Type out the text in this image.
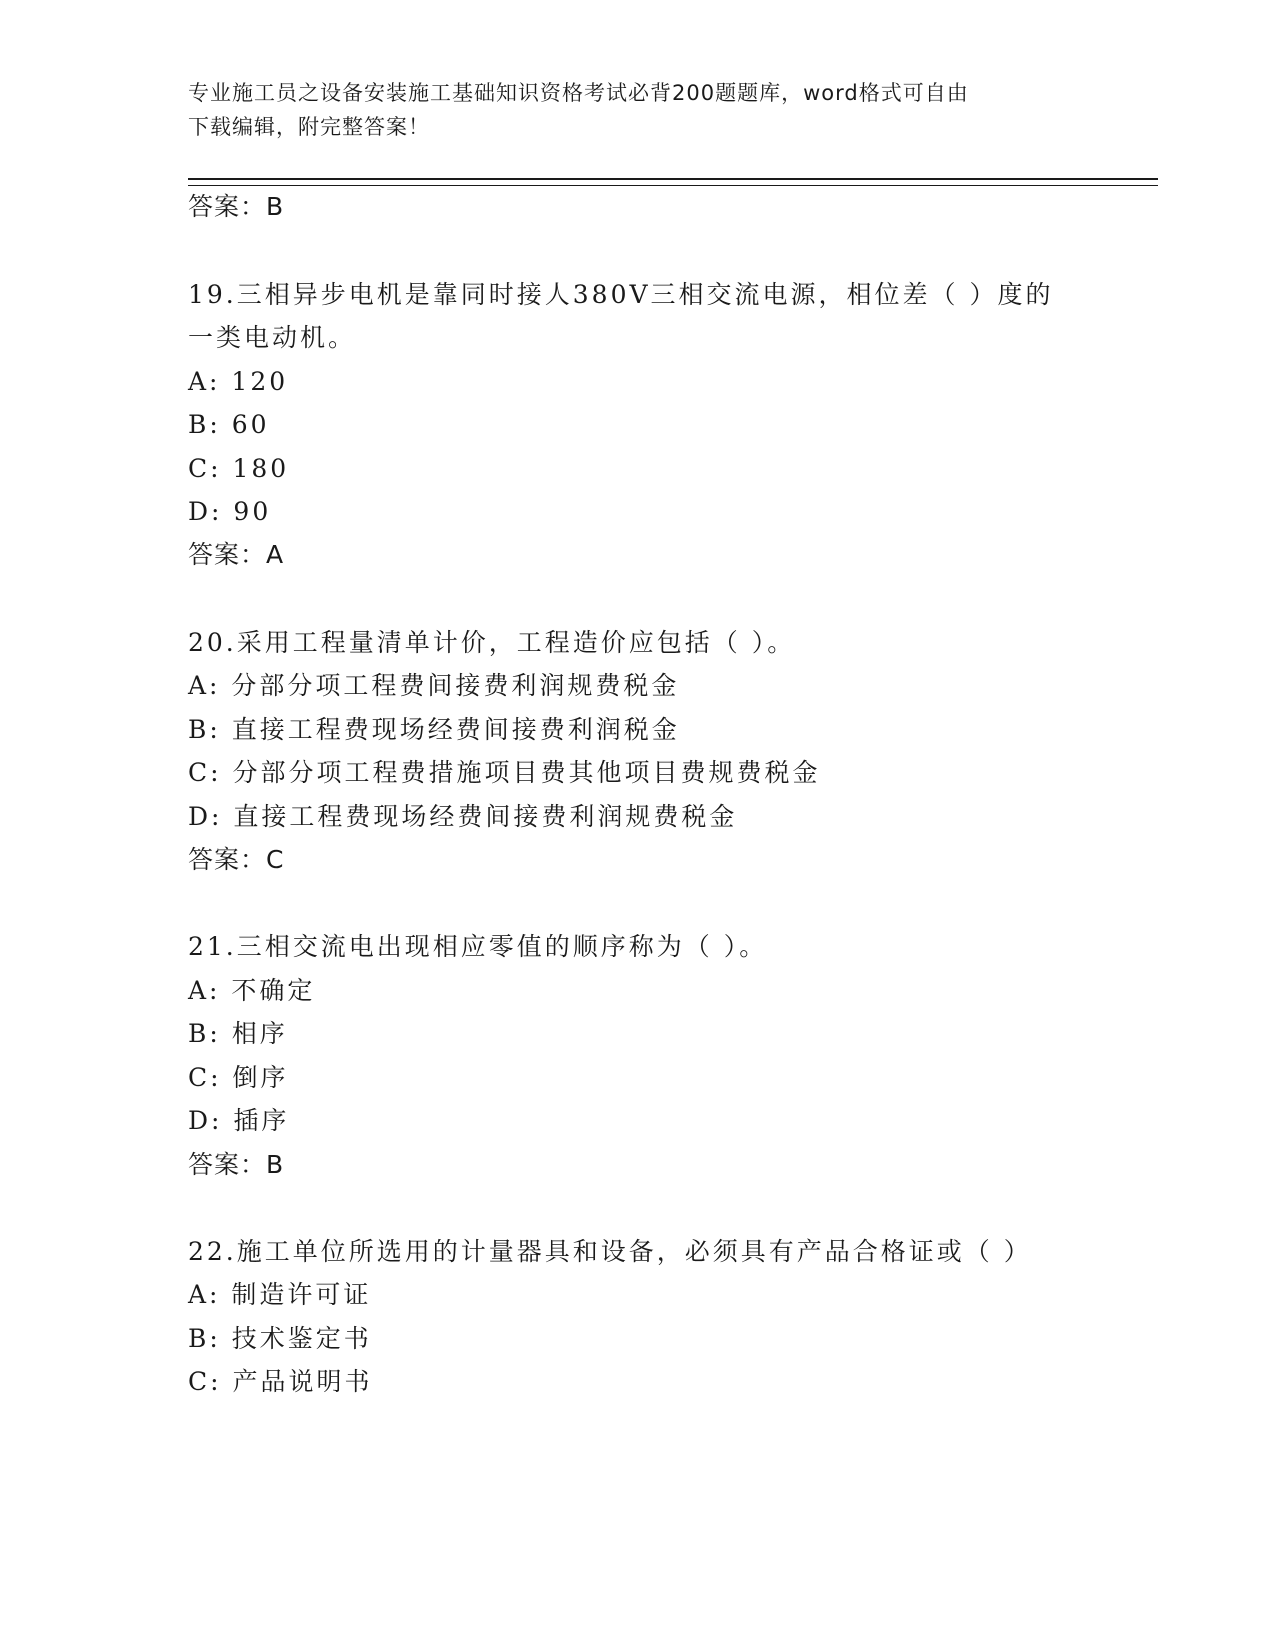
专业施工员之设备安装施工基础知识资格考试必背200题题库，word格式可自由
下载编辑，附完整答案！
答案：B
19.三相异步电机是靠同时接人380V三相交流电源，相位差（ ）度的
一类电动机。
A: 120
B: 60
C: 180
D: 90
答案：A
20.采用工程量清单计价，工程造价应包括（ ）。
A: 分部分项工程费间接费利润规费税金
B: 直接工程费现场经费间接费利润税金
C: 分部分项工程费措施项目费其他项目费规费税金
D: 直接工程费现场经费间接费利润规费税金
答案：C
21.三相交流电出现相应零值的顺序称为（ ）。
A: 不确定
B: 相序
C: 倒序
D: 插序
答案：B
22.施工单位所选用的计量器具和设备，必须具有产品合格证或（ ）
A: 制造许可证
B: 技术鉴定书
C: 产品说明书
